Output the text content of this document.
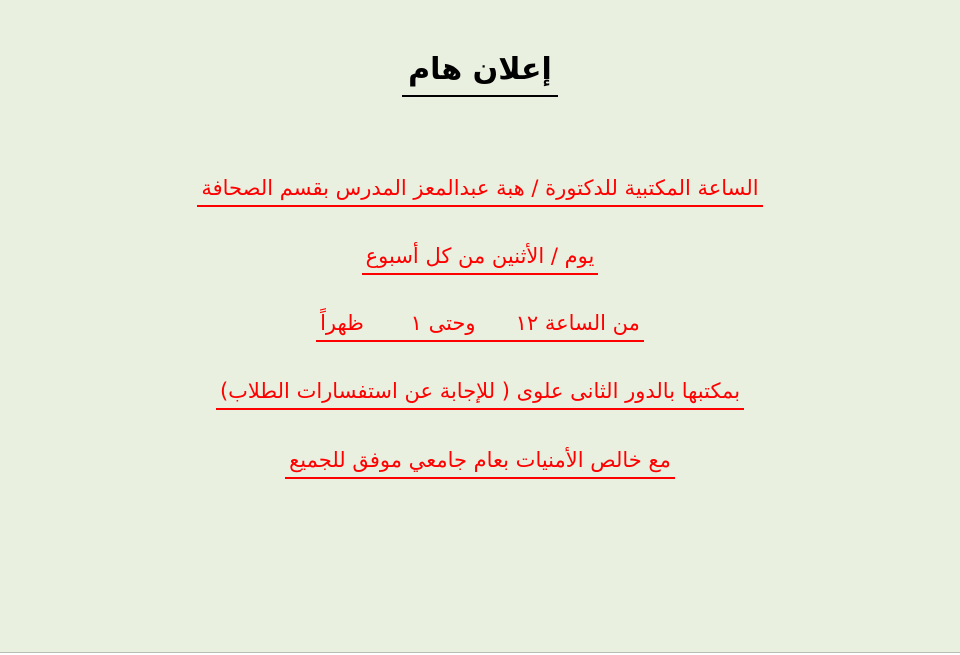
إعلان هام
الساعة المكتبية للدكتورة / هبة عبدالمعز المدرس بقسم الصحافة
يوم / الأثنين من كل أسبوع
من الساعة ١٢      وحتى ١       ظهراً
بمكتبها بالدور الثانى علوى ( للإجابة عن استفسارات الطلاب)
مع خالص الأمنيات بعام جامعي موفق للجميع
